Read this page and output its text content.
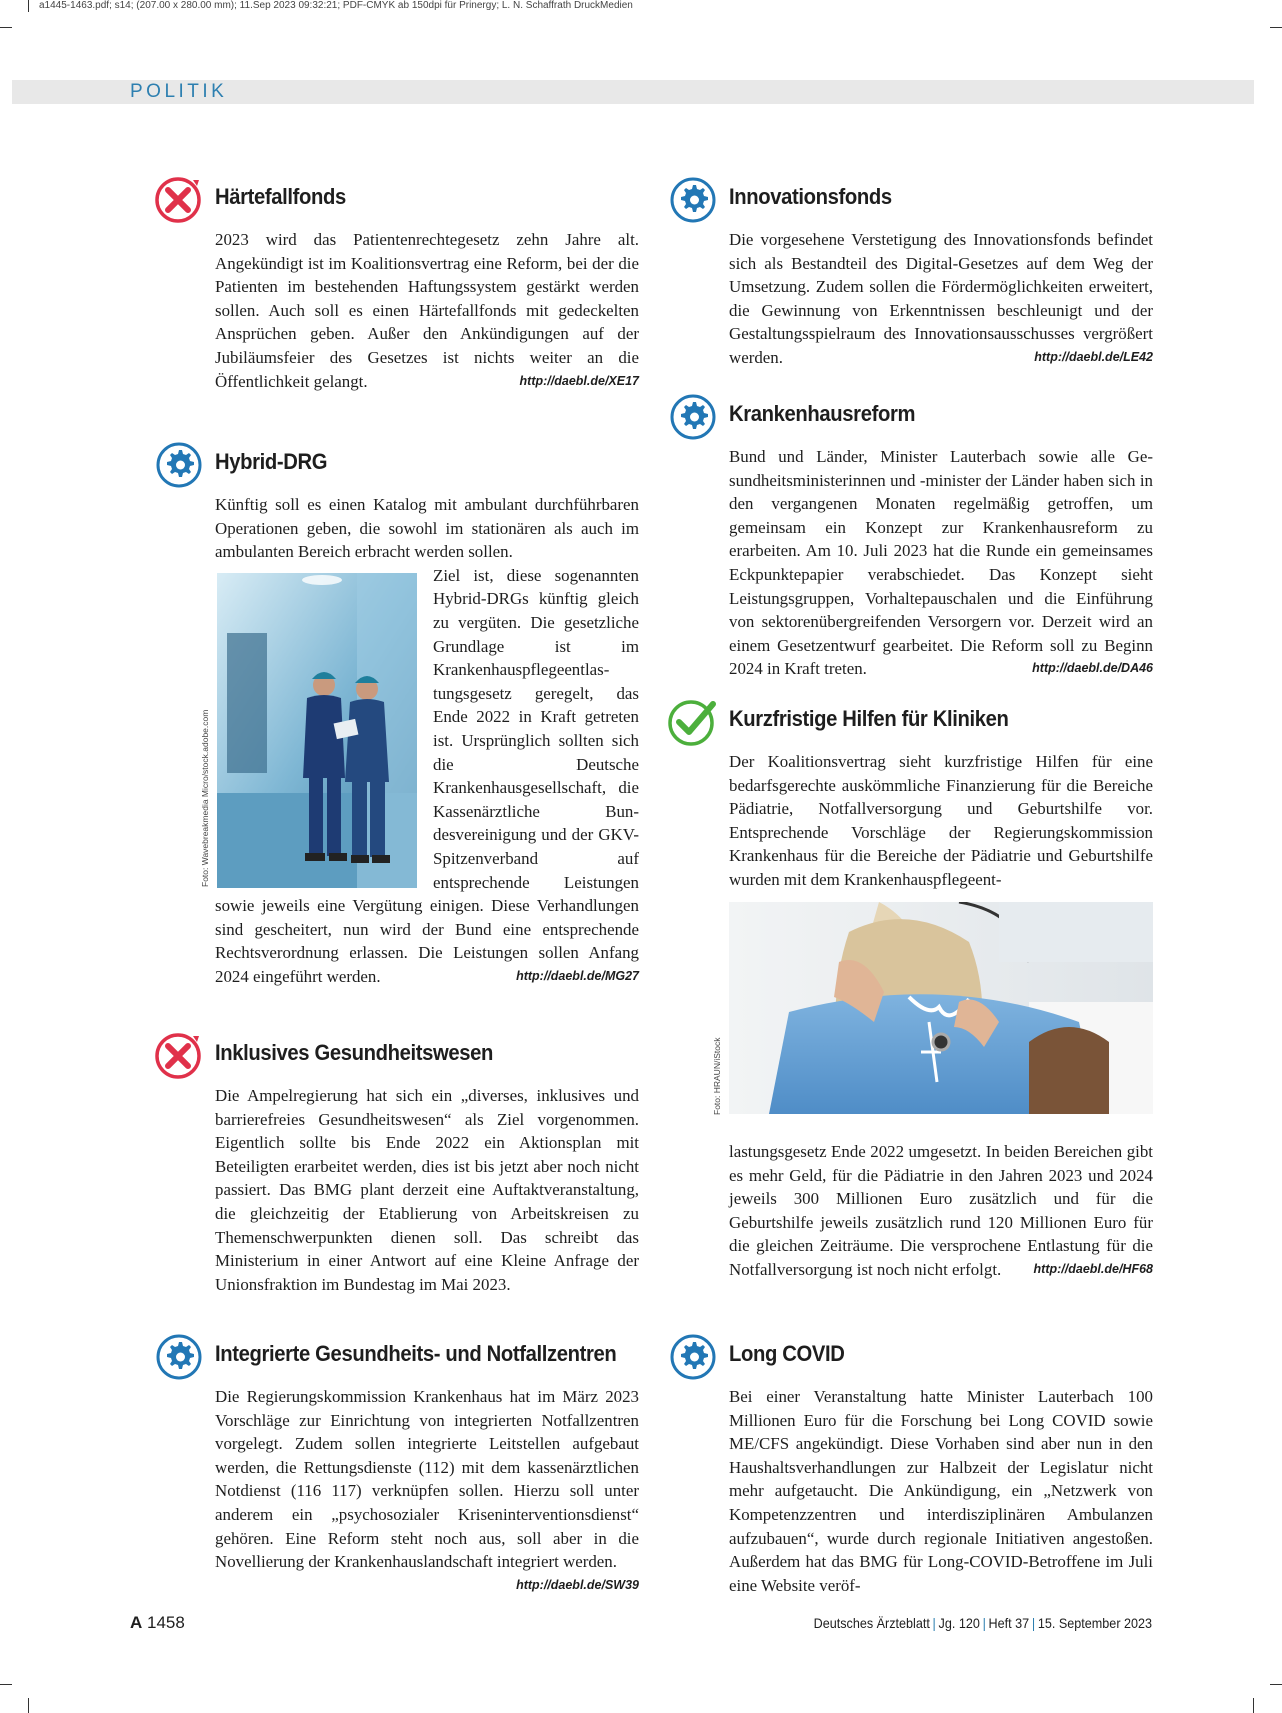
a1445-1463.pdf; s14; (207.00 x 280.00 mm); 11.Sep 2023 09:32:21; PDF-CMYK ab 150dpi für Prinergy; L. N. Schaffrath DruckMedien
POLITIK
Härtefallfonds

2023 wird das Patientenrechtegesetz zehn Jahre alt. Angekündigt ist im Koalitionsvertrag eine Reform, bei der die Patienten im bestehenden Haftungssystem gestärkt werden sollen. Auch soll es einen Härtefallfonds mit gedeckelten Ansprüchen geben. Außer den Ankündigungen auf der Jubiläumsfeier des Gesetzes ist nichts weiter an die Öffentlichkeit gelangt.	http://daebl.de/XE17

Hybrid-DRG

Künftig soll es einen Katalog mit ambulant durchführbaren Operationen geben, die sowohl im stationären als auch im ambulanten Bereich erbracht werden sollen.

Ziel ist, diese sogenannten Hybrid-DRGs künftig gleich zu vergüten. Die gesetzliche Grundlage ist im Krankenhauspflegeentlastungsgesetz geregelt, das Ende 2022 in Kraft getreten ist. Ursprünglich sollten sich die Deutsche Krankenhausgesellschaft, die Kassenärztliche Bundesvereinigung und der GKV-Spitzenverband auf entsprechende Leistungen sowie jeweils eine Vergütung einigen. Diese Verhandlungen sind gescheitert, nun wird der Bund eine entsprechende Rechtsverordnung erlassen. Die Leistungen sollen Anfang 2024 eingeführt werden.	http://daebl.de/MG27

Foto: Wavebreakmedia Micro/stock.adobe.com
Inklusives Gesundheitswesen

Die Ampelregierung hat sich ein „diverses, inklusives und barrierefreies Gesundheitswesen“ als Ziel vorgenommen. Eigentlich sollte bis Ende 2022 ein Aktionsplan mit Beteiligten erarbeitet werden, dies ist bis jetzt aber noch nicht passiert. Das BMG plant derzeit eine Auftaktveranstaltung, die gleichzeitig der Etablierung von Arbeitskreisen zu Themenschwerpunkten dienen soll. Das schreibt das Ministerium in einer Antwort auf eine Kleine Anfrage der Unionsfraktion im Bundestag im Mai 2023.

Integrierte Gesundheits- und Notfallzentren

Die Regierungskommission Krankenhaus hat im März 2023 Vorschläge zur Einrichtung von integrierten Notfallzentren vorgelegt. Zudem sollen integrierte Leitstellen aufgebaut werden, die Rettungsdienste (112) mit dem kassenärztlichen Notdienst (116 117) verknüpfen sollen. Hierzu soll unter anderem ein „psychosozialer Kriseninterventionsdienst“ gehören. Eine Reform steht noch aus, soll aber in die Novellierung der Krankenhauslandschaft integriert werden.
http://daebl.de/SW39

Innovationsfonds

Die vorgesehene Verstetigung des Innovationsfonds befindet sich als Bestandteil des Digital-Gesetzes auf dem Weg der Umsetzung. Zudem sollen die Fördermöglichkeiten erweitert, die Gewinnung von Erkenntnissen beschleunigt und der Gestaltungsspielraum des Innovationsausschusses vergrößert werden.	http://daebl.de/LE42

Krankenhausreform

Bund und Länder, Minister Lauterbach sowie alle Gesundheitsministerinnen und -minister der Länder haben sich in den vergangenen Monaten regelmäßig getroffen, um gemeinsam ein Konzept zur Krankenhausreform zu erarbeiten. Am 10. Juli 2023 hat die Runde ein gemeinsames Eckpunktepapier verabschiedet. Das Konzept sieht Leistungsgruppen, Vorhaltepauschalen und die Einführung von sektorenübergreifenden Versorgern vor. Derzeit wird an einem Gesetzentwurf gearbeitet. Die Reform soll zu Beginn 2024 in Kraft treten.	http://daebl.de/DA46

Kurzfristige Hilfen für Kliniken

Der Koalitionsvertrag sieht kurzfristige Hilfen für eine bedarfsgerechte auskömmliche Finanzierung für die Bereiche Pädiatrie, Notfallversorgung und Geburtshilfe vor. Entsprechende Vorschläge der Regierungskommission Krankenhaus für die Bereiche der Pädiatrie und Geburtshilfe wurden mit dem Krankenhauspflegeent-

Foto: HRAUN/iStock

lastungsgesetz Ende 2022 umgesetzt. In beiden Bereichen gibt es mehr Geld, für die Pädiatrie in den Jahren 2023 und 2024 jeweils 300 Millionen Euro zusätzlich und für die Geburtshilfe jeweils zusätzlich rund 120 Millionen Euro für die gleichen Zeiträume. Die versprochene Entlastung für die Notfallversorgung ist noch nicht erfolgt.	http://daebl.de/HF68

Long COVID

Bei einer Veranstaltung hatte Minister Lauterbach 100 Millionen Euro für die Forschung bei Long COVID sowie ME/CFS angekündigt. Diese Vorhaben sind aber nun in den Haushaltsverhandlungen zur Halbzeit der Legislatur nicht mehr aufgetaucht. Die Ankündigung, ein „Netzwerk von Kompetenzzentren und interdisziplinären Ambulanzen aufzubauen“, wurde durch regionale Initiativen angestoßen. Außerdem hat das BMG für Long-COVID-Betroffene im Juli eine Website veröf-

A 1458	Deutsches Ärzteblatt | Jg. 120 | Heft 37 | 15. September 2023
